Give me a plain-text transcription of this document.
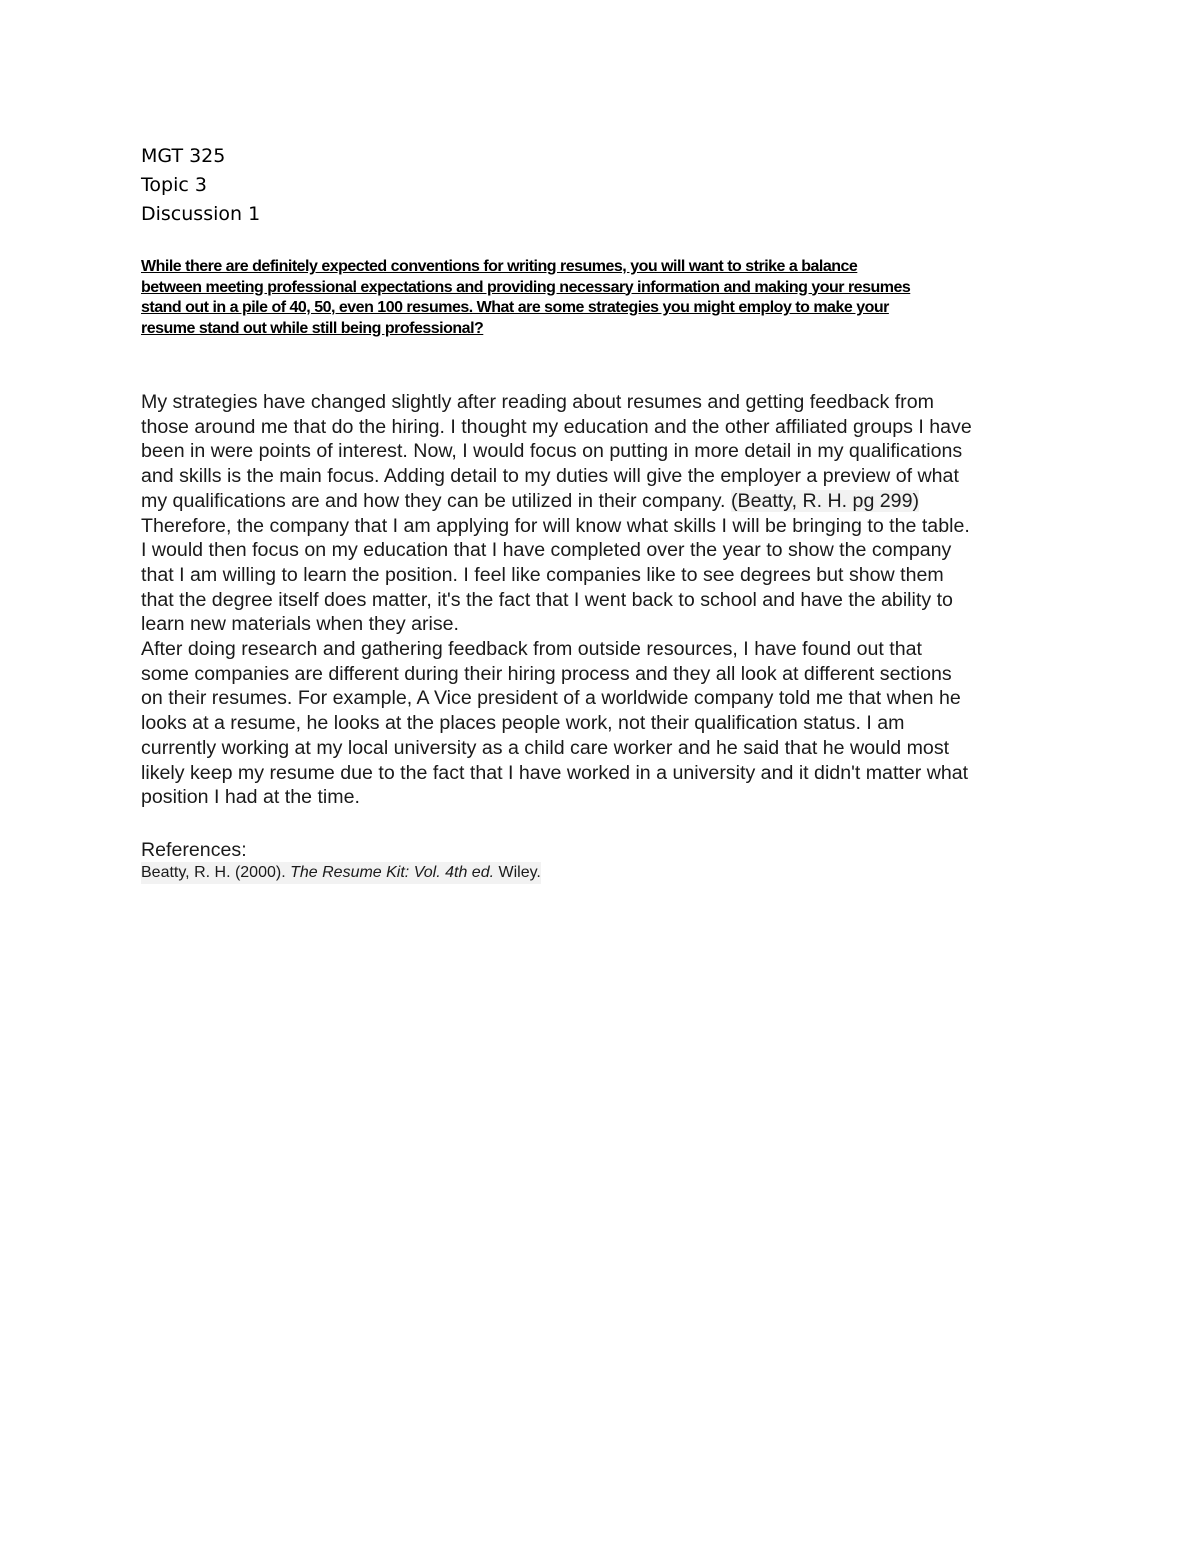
MGT 325
Topic 3
Discussion 1
While there are definitely expected conventions for writing resumes, you will want to strike a balance
between meeting professional expectations and providing necessary information and making your resumes
stand out in a pile of 40, 50, even 100 resumes. What are some strategies you might employ to make your
resume stand out while still being professional?
My strategies have changed slightly after reading about resumes and getting feedback from
those around me that do the hiring. I thought my education and the other affiliated groups I have
been in were points of interest. Now, I would focus on putting in more detail in my qualifications
and skills is the main focus. Adding detail to my duties will give the employer a preview of what
my qualifications are and how they can be utilized in their company. (Beatty, R. H. pg 299)
Therefore, the company that I am applying for will know what skills I will be bringing to the table.
I would then focus on my education that I have completed over the year to show the company
that I am willing to learn the position. I feel like companies like to see degrees but show them
that the degree itself does matter, it's the fact that I went back to school and have the ability to
learn new materials when they arise.
After doing research and gathering feedback from outside resources, I have found out that
some companies are different during their hiring process and they all look at different sections
on their resumes. For example, A Vice president of a worldwide company told me that when he
looks at a resume, he looks at the places people work, not their qualification status. I am
currently working at my local university as a child care worker and he said that he would most
likely keep my resume due to the fact that I have worked in a university and it didn't matter what
position I had at the time.
References:
Beatty, R. H. (2000). The Resume Kit: Vol. 4th ed. Wiley.
